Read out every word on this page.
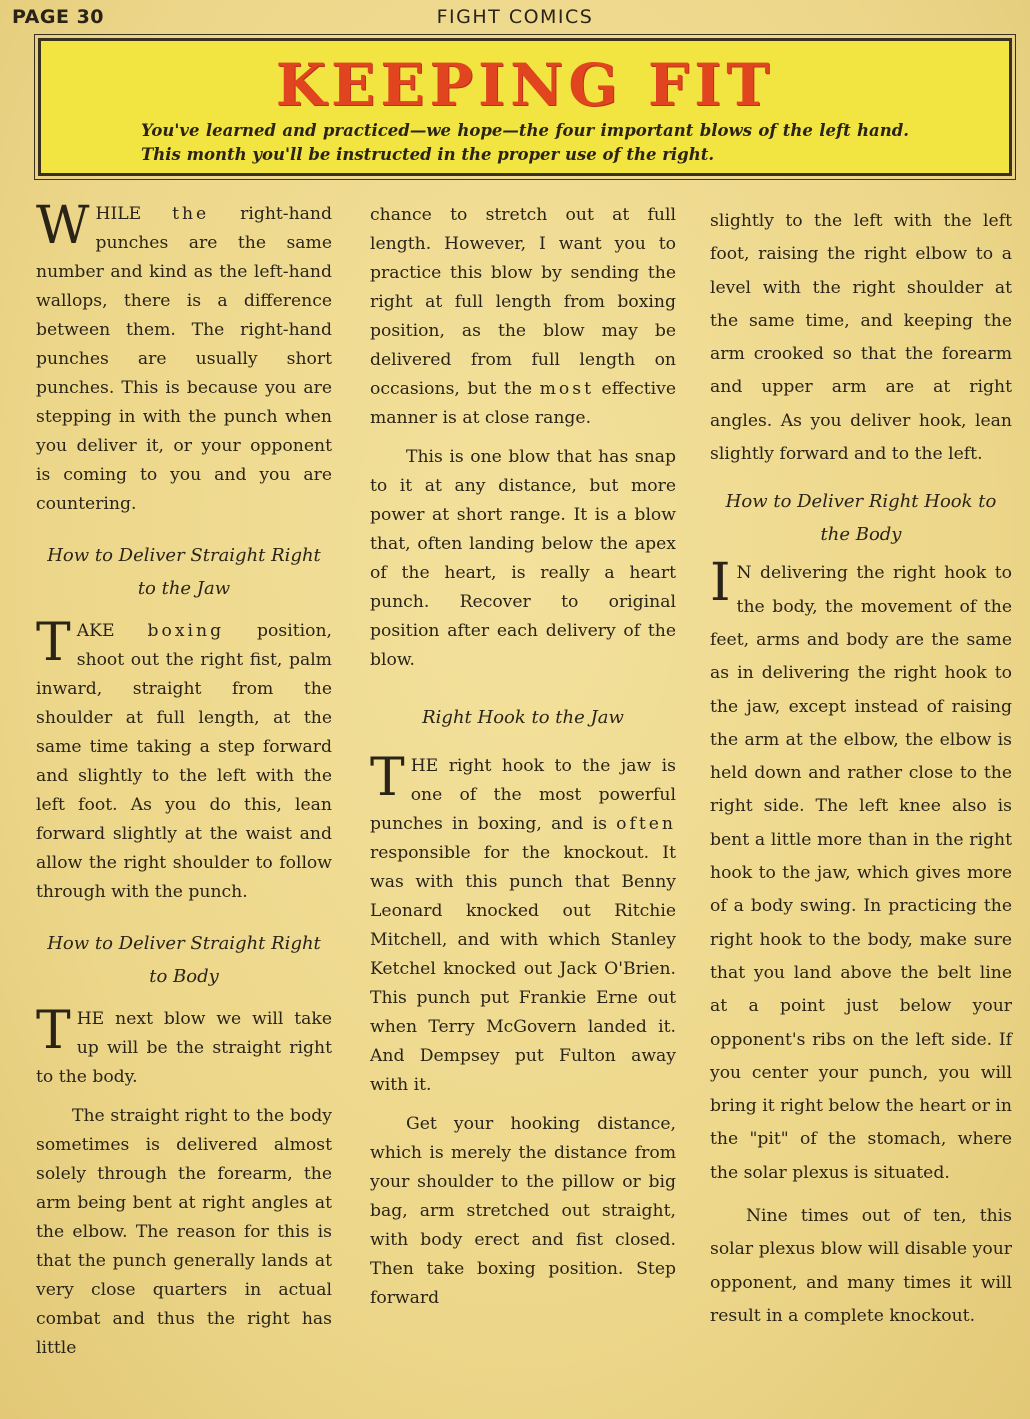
PAGE 30	FIGHT COMICS
KEEPING FIT
You've learned and practiced—we hope—the four important blows of the left hand. This month you'll be instructed in the proper use of the right.

WHILE the right-hand punches are the same number and kind as the left-hand wallops, there is a difference between them. The right-hand punches are usually short punches. This is because you are stepping in with the punch when you deliver it, or your opponent is coming to you and you are countering.

How to Deliver Straight Right to the Jaw

TAKE boxing position, shoot out the right fist, palm inward, straight from the shoulder at full length, at the same time taking a step forward and slightly to the left with the left foot. As you do this, lean forward slightly at the waist and allow the right shoulder to follow through with the punch.

How to Deliver Straight Right to Body

THE next blow we will take up will be the straight right to the body.

The straight right to the body sometimes is delivered almost solely through the forearm, the arm being bent at right angles at the elbow. The reason for this is that the punch generally lands at very close quarters in actual combat and thus the right has little

chance to stretch out at full length. However, I want you to practice this blow by sending the right at full length from boxing position, as the blow may be delivered from full length on occasions, but the most effective manner is at close range.

This is one blow that has snap to it at any distance, but more power at short range. It is a blow that, often landing below the apex of the heart, is really a heart punch. Recover to original position after each delivery of the blow.

Right Hook to the Jaw

THE right hook to the jaw is one of the most powerful punches in boxing, and is often responsible for the knockout. It was with this punch that Benny Leonard knocked out Ritchie Mitchell, and with which Stanley Ketchel knocked out Jack O'Brien. This punch put Frankie Erne out when Terry McGovern landed it. And Dempsey put Fulton away with it.

Get your hooking distance, which is merely the distance from your shoulder to the pillow or big bag, arm stretched out straight, with body erect and fist closed. Then take boxing position. Step forward

slightly to the left with the left foot, raising the right elbow to a level with the right shoulder at the same time, and keeping the arm crooked so that the forearm and upper arm are at right angles. As you deliver hook, lean slightly forward and to the left.

How to Deliver Right Hook to the Body

I N delivering the right hook to the body, the movement of the feet, arms and body are the same as in delivering the right hook to the jaw, except instead of raising the arm at the elbow, the elbow is held down and rather close to the right side. The left knee also is bent a little more than in the right hook to the jaw, which gives more of a body swing. In practicing the right hook to the body, make sure that you land above the belt line at a point just below your opponent's ribs on the left side. If you center your punch, you will bring it right below the heart or in the "pit" of the stomach, where the solar plexus is situated.

Nine times out of ten, this solar plexus blow will disable your opponent, and many times it will result in a complete knockout.
